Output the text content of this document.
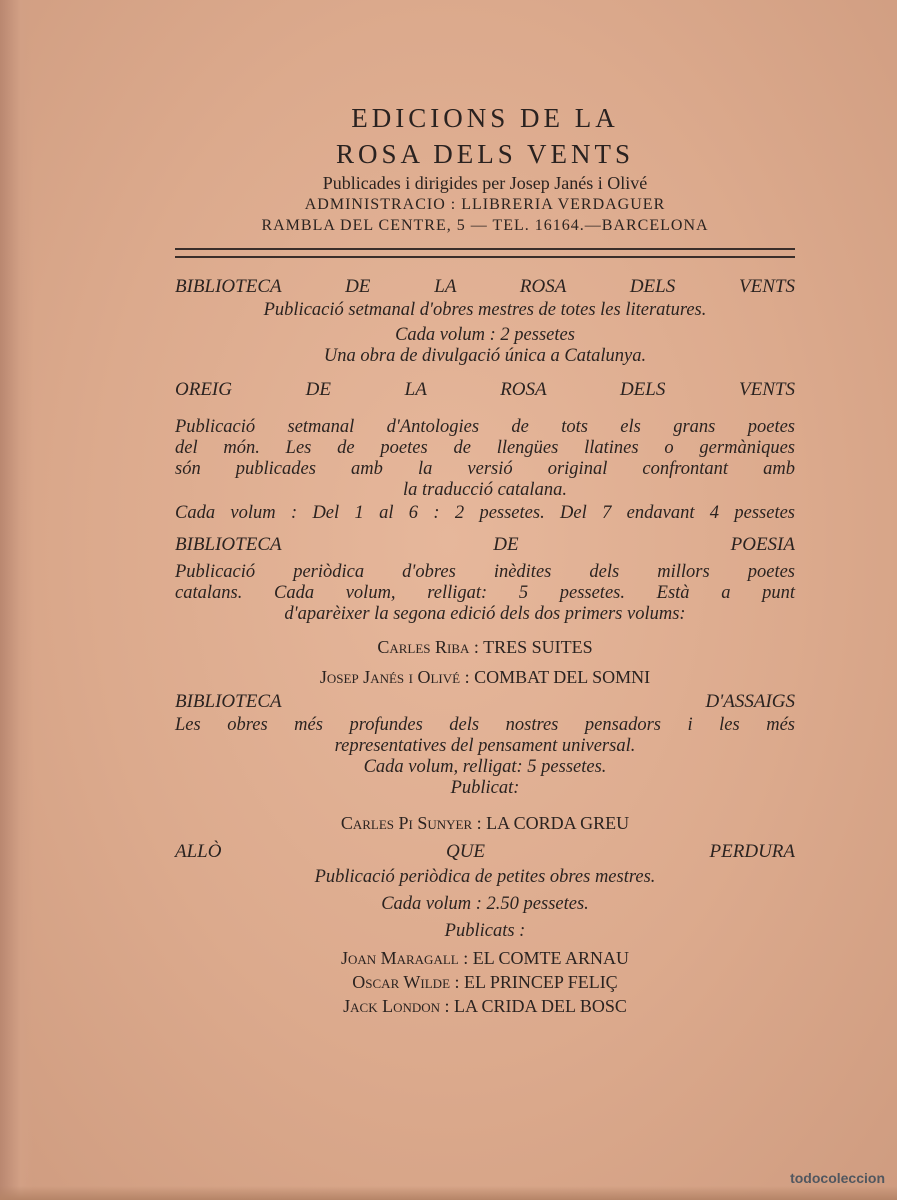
EDICIONS DE LA
ROSA DELS VENTS
Publicades i dirigides per Josep Janés i Olivé
ADMINISTRACIO : LLIBRERIA VERDAGUER
RAMBLA DEL CENTRE, 5 — TEL. 16164.—BARCELONA
BIBLIOTECA DE LA ROSA DELS VENTS
Publicació setmanal d'obres mestres de totes les literatures.
Cada volum : 2 pessetes
Una obra de divulgació única a Catalunya.
OREIG DE LA ROSA DELS VENTS
Publicació setmanal d'Antologies de tots els grans poetes
del món. Les de poetes de llengües llatines o germàniques
són publicades amb la versió original confrontant amb
la traducció catalana.
Cada volum : Del 1 al 6 : 2 pessetes. Del 7 endavant 4 pessetes
BIBLIOTECA DE POESIA
Publicació periòdica d'obres inèdites dels millors poetes
catalans. Cada volum, relligat: 5 pessetes. Està a punt
d'aparèixer la segona edició dels dos primers volums:
Carles Riba : TRES SUITES
Josep Janés i Olivé : COMBAT DEL SOMNI
BIBLIOTECA D'ASSAIGS
Les obres més profundes dels nostres pensadors i les més
representatives del pensament universal.
Cada volum, relligat: 5 pessetes.
Publicat:
Carles Pi Sunyer : LA CORDA GREU
ALLÒ QUE PERDURA
Publicació periòdica de petites obres mestres.
Cada volum : 2.50 pessetes.
Publicats :
Joan Maragall : EL COMTE ARNAU
Oscar Wilde : EL PRINCEP FELIÇ
Jack London : LA CRIDA DEL BOSC
todocoleccion
